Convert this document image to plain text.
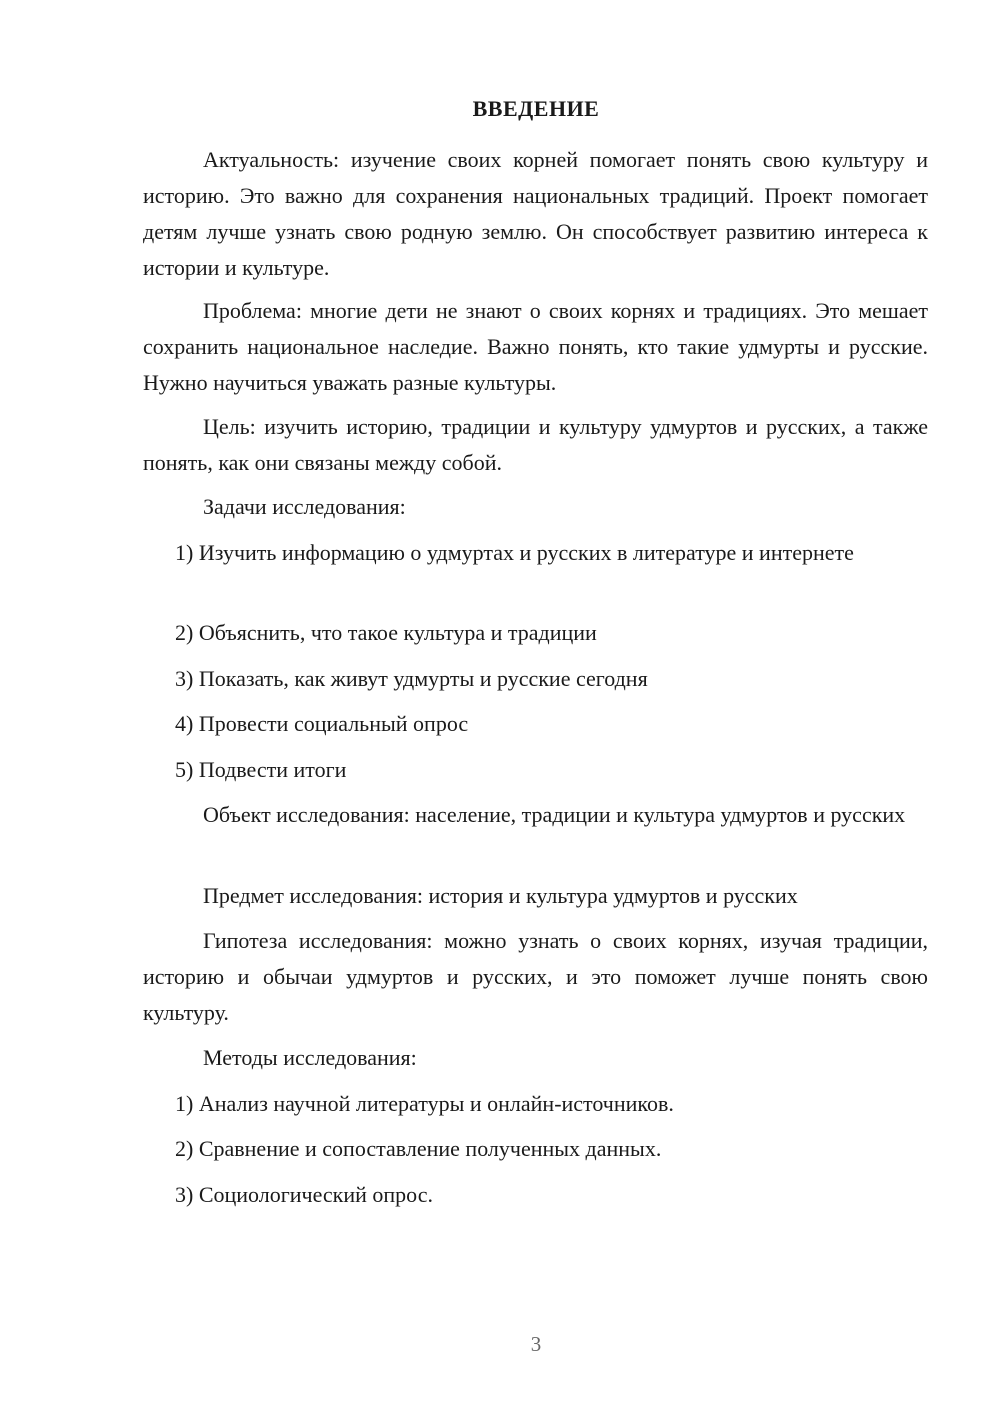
ВВЕДЕНИЕ

Актуальность: изучение своих корней помогает понять свою культуру и историю. Это важно для сохранения национальных традиций. Проект помогает детям лучше узнать свою родную землю. Он способствует развитию интереса к истории и культуре.

Проблема: многие дети не знают о своих корнях и традициях. Это мешает сохранить национальное наследие. Важно понять, кто такие удмурты и русские. Нужно научиться уважать разные культуры.

Цель: изучить историю, традиции и культуру удмуртов и русских, а также понять, как они связаны между собой.

Задачи исследования:

1) Изучить информацию о удмуртах и русских в литературе и интернете

2) Объяснить, что такое культура и традиции

3) Показать, как живут удмурты и русские сегодня

4) Провести социальный опрос

5) Подвести итоги

Объект исследования: население, традиции и культура удмуртов и русских

Предмет исследования: история и культура удмуртов и русских

Гипотеза исследования: можно узнать о своих корнях, изучая традиции, историю и обычаи удмуртов и русских, и это поможет лучше понять свою культуру.

Методы исследования:

1) Анализ научной литературы и онлайн-источников.

2) Сравнение и сопоставление полученных данных.

3) Социологический опрос.

3
